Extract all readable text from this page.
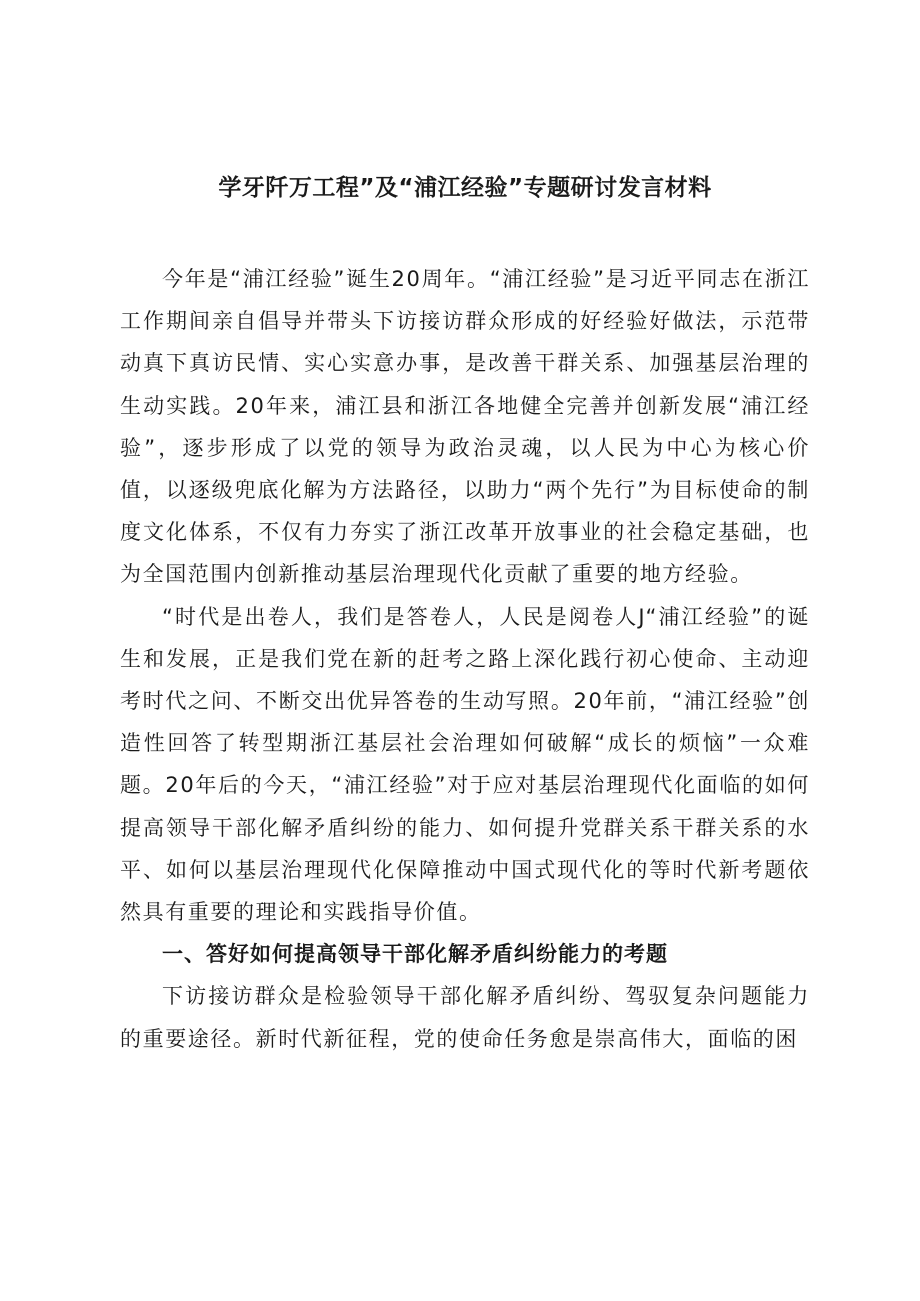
学牙阡万工程”及“浦江经验”专题研讨发言材料

今年是“浦江经验”诞生20周年。“浦江经验”是习近平同志在浙江工作期间亲自倡导并带头下访接访群众形成的好经验好做法，示范带动真下真访民情、实心实意办事，是改善干群关系、加强基层治理的生动实践。20年来，浦江县和浙江各地健全完善并创新发展“浦江经验”，逐步形成了以党的领导为政治灵魂，以人民为中心为核心价值，以逐级兜底化解为方法路径，以助力“两个先行”为目标使命的制度文化体系，不仅有力夯实了浙江改革开放事业的社会稳定基础，也为全国范围内创新推动基层治理现代化贡献了重要的地方经验。

“时代是出卷人，我们是答卷人，人民是阅卷人J“浦江经验”的诞生和发展，正是我们党在新的赶考之路上深化践行初心使命、主动迎考时代之问、不断交出优异答卷的生动写照。20年前，“浦江经验”创造性回答了转型期浙江基层社会治理如何破解“成长的烦恼”一众难题。20年后的今天，“浦江经验”对于应对基层治理现代化面临的如何提高领导干部化解矛盾纠纷的能力、如何提升党群关系干群关系的水平、如何以基层治理现代化保障推动中国式现代化的等时代新考题依然具有重要的理论和实践指导价值。

一、答好如何提高领导干部化解矛盾纠纷能力的考题

下访接访群众是检验领导干部化解矛盾纠纷、驾驭复杂问题能力的重要途径。新时代新征程，党的使命任务愈是崇高伟大，面临的困
